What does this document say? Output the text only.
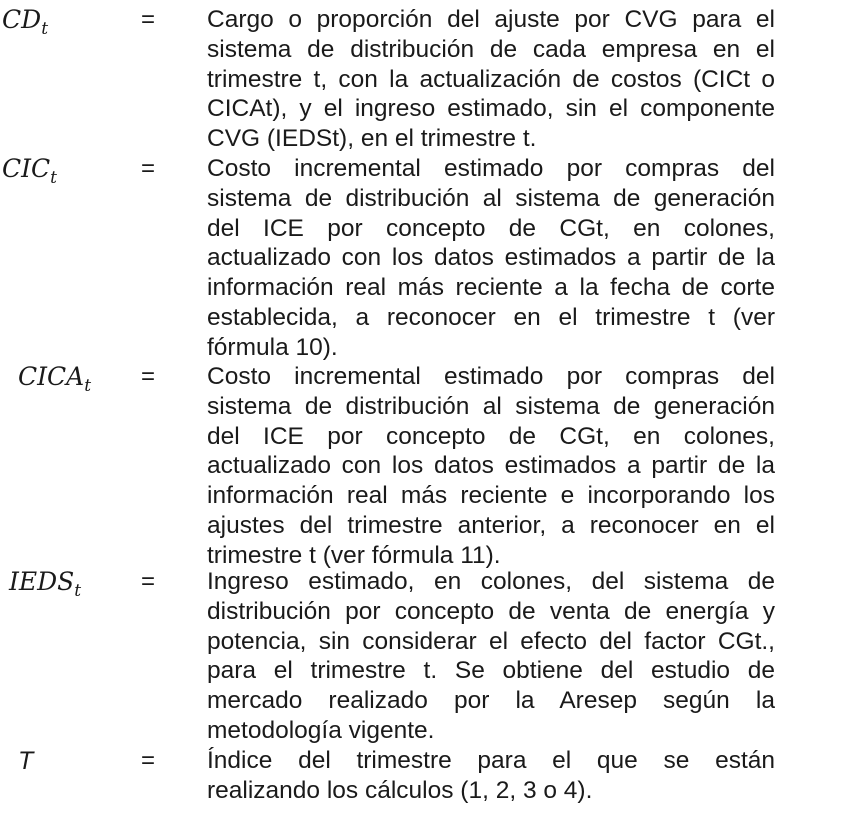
$CD_t$	= Cargo o proporción del ajuste por CVG para el
sistema de distribución de cada empresa en el
trimestre t, con la actualización de costos (CICt o
CICAt), y el ingreso estimado, sin el componente
CVG (IEDSt), en el trimestre t.
$CIC_t$	= Costo incremental estimado por compras del
sistema de distribución al sistema de generación
del ICE por concepto de CGt, en colones,
actualizado con los datos estimados a partir de la
información real más reciente a la fecha de corte
establecida, a reconocer en el trimestre t (ver
fórmula 10).
$CICA_t$ = Costo incremental estimado por compras del
sistema de distribución al sistema de generación
del ICE por concepto de CGt, en colones,
actualizado con los datos estimados a partir de la
información real más reciente e incorporando los
ajustes del trimestre anterior, a reconocer en el
trimestre t (ver fórmula 11).
$IEDS_t$ = Ingreso estimado, en colones, del sistema de
distribución por concepto de venta de energía y
potencia, sin considerar el efecto del factor CGt.,
para el trimestre t. Se obtiene del estudio de
mercado realizado por la Aresep según la
metodología vigente.
T	= Índice del trimestre para el que se están
realizando los cálculos (1, 2, 3 o 4).
